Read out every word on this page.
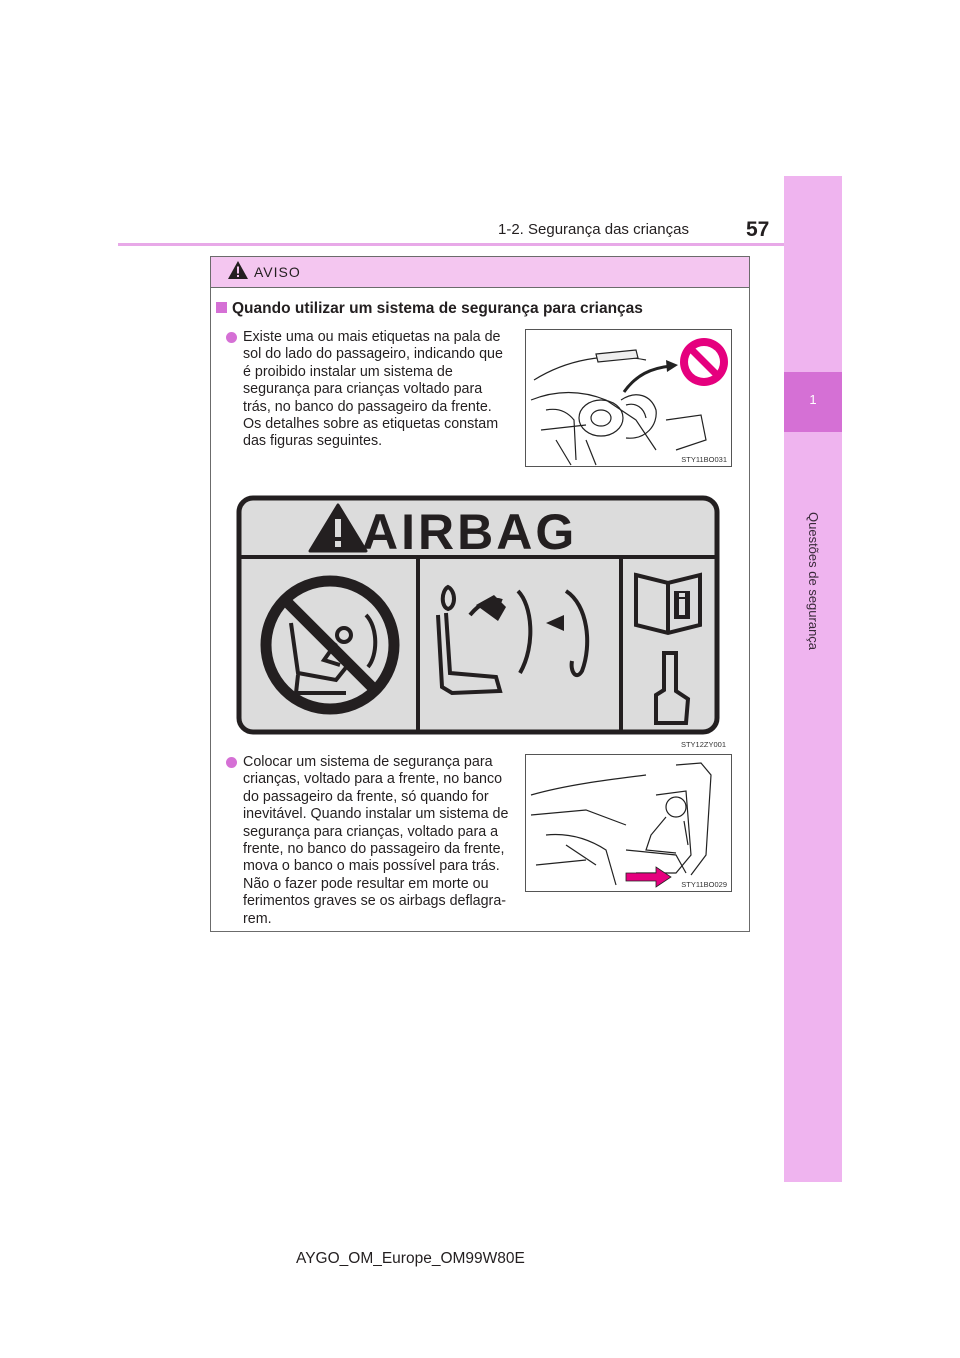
1-2. Segurança das crianças	57
1
Questões de segurança
AVISO
Quando utilizar um sistema de segurança para crianças
Existe uma ou mais etiquetas na pala de
sol do lado do passageiro, indicando que
é proibido instalar um sistema de
segurança para crianças voltado para
trás, no banco do passageiro da frente.
Os detalhes sobre as etiquetas constam
das figuras seguintes.
STY11BO031
AIRBAG
STY12ZY001
Colocar um sistema de segurança para
crianças, voltado para a frente, no banco
do passageiro da frente, só quando for
inevitável. Quando instalar um sistema de
segurança para crianças, voltado para a
frente, no banco do passageiro da frente,
mova o banco o mais possível para trás.
Não o fazer pode resultar em morte ou
ferimentos graves se os airbags deflagra-
rem.
STY11BO029
AYGO_OM_Europe_OM99W80E
